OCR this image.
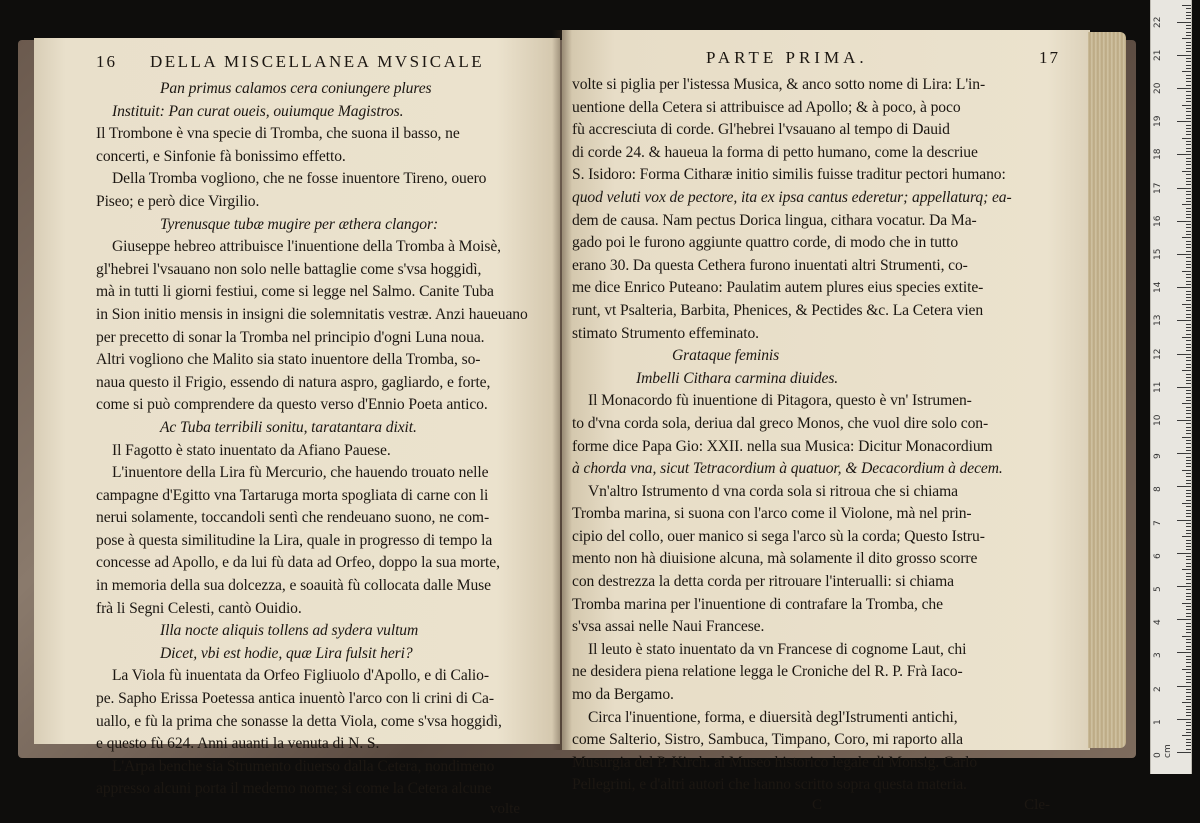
16 DELLA MISCELLANEA MVSICALE
Pan primus calamos cera coniungere plures
Instituit: Pan curat oueis, ouiumque Magistros.
Il Trombone è vna specie di Tromba, che suona il basso, ne
concerti, e Sinfonie fà bonissimo effetto.
Della Tromba vogliono, che ne fosse inuentore Tireno, ouero
Piseo; e però dice Virgilio.
Tyrenusque tubæ mugire per æthera clangor:
Giuseppe hebreo attribuisce l'inuentione della Tromba à Moisè,
gl'hebrei l'vsauano non solo nelle battaglie come s'vsa hoggidì,
mà in tutti li giorni festiui, come si legge nel Salmo. Canite Tuba
in Sion initio mensis in insigni die solemnitatis vestræ. Anzi haueuano
per precetto di sonar la Tromba nel principio d'ogni Luna noua.
Altri vogliono che Malito sia stato inuentore della Tromba, so-
naua questo il Frigio, essendo di natura aspro, gagliardo, e forte,
come si può comprendere da questo verso d'Ennio Poeta antico.
Ac Tuba terribili sonitu, taratantara dixit.
Il Fagotto è stato inuentato da Afiano Pauese.
L'inuentore della Lira fù Mercurio, che hauendo trouato nelle
campagne d'Egitto vna Tartaruga morta spogliata di carne con li
nerui solamente, toccandoli sentì che rendeuano suono, ne com-
pose à questa similitudine la Lira, quale in progresso di tempo la
concesse ad Apollo, e da lui fù data ad Orfeo, doppo la sua morte,
in memoria della sua dolcezza, e soauità fù collocata dalle Muse
frà li Segni Celesti, cantò Ouidio.
Illa nocte aliquis tollens ad sydera vultum
Dicet, vbi est hodie, quæ Lira fulsit heri?
La Viola fù inuentata da Orfeo Figliuolo d'Apollo, e di Calio-
pe. Sapho Erissa Poetessa antica inuentò l'arco con li crini di Ca-
uallo, e fù la prima che sonasse la detta Viola, come s'vsa hoggidì,
e questo fù 624. Anni auanti la venuta di N. S.
L'Arpa benche sia Strumento diuerso dalla Cetera, nondimeno
appresso alcuni porta il medemo nome; si come la Cetera alcune
volte
PARTE PRIMA.	17
volte si piglia per l'istessa Musica, & anco sotto nome di Lira: L'in-
uentione della Cetera si attribuisce ad Apollo; & à poco, à poco
fù accresciuta di corde. Gl'hebrei l'vsauano al tempo di Dauid
di corde 24. & haueua la forma di petto humano, come la descriue
S. Isidoro: Forma Citharæ initio similis fuisse traditur pectori humano:
quod veluti vox de pectore, ita ex ipsa cantus ederetur; appellaturq; ea-
dem de causa. Nam pectus Dorica lingua, cithara vocatur. Da Ma-
gado poi le furono aggiunte quattro corde, di modo che in tutto
erano 30. Da questa Cethera furono inuentati altri Strumenti, co-
me dice Enrico Puteano: Paulatim autem plures eius species extite-
runt, vt Psalteria, Barbita, Phenices, & Pectides &c. La Cetera vien
stimato Strumento effeminato.
Grataque feminis
Imbelli Cithara carmina diuides.
Il Monacordo fù inuentione di Pitagora, questo è vn' Istrumen-
to d'vna corda sola, deriua dal greco Monos, che vuol dire solo con-
forme dice Papa Gio: XXII. nella sua Musica: Dicitur Monacordium
à chorda vna, sicut Tetracordium à quatuor, & Decacordium à decem.
Vn'altro Istrumento d vna corda sola si ritroua che si chiama
Tromba marina, si suona con l'arco come il Violone, mà nel prin-
cipio del collo, ouer manico si sega l'arco sù la corda; Questo Istru-
mento non hà diuisione alcuna, mà solamente il dito grosso scorre
con destrezza la detta corda per ritrouare l'interualli: si chiama
Tromba marina per l'inuentione di contrafare la Tromba, che
s'vsa assai nelle Naui Francese.
Il leuto è stato inuentato da vn Francese di cognome Laut, chi
ne desidera piena relatione legga le Croniche del R. P. Frà Iaco-
mo da Bergamo.
Circa l'inuentione, forma, e diuersità degl'Istrumenti antichi,
come Salterio, Sistro, Sambuca, Timpano, Coro, mi raporto alla
Musurgia del P. Kirch. al Museo historico legale di Monsig. Carlo
Pellegrini, e d'altri autori che hanno scritto sopra questa materia.
C	Cle-
0 cm
1
2
3
4
5
6
7
8
9
10
11
12
13
14
15
16
17
18
19
20
21
22
